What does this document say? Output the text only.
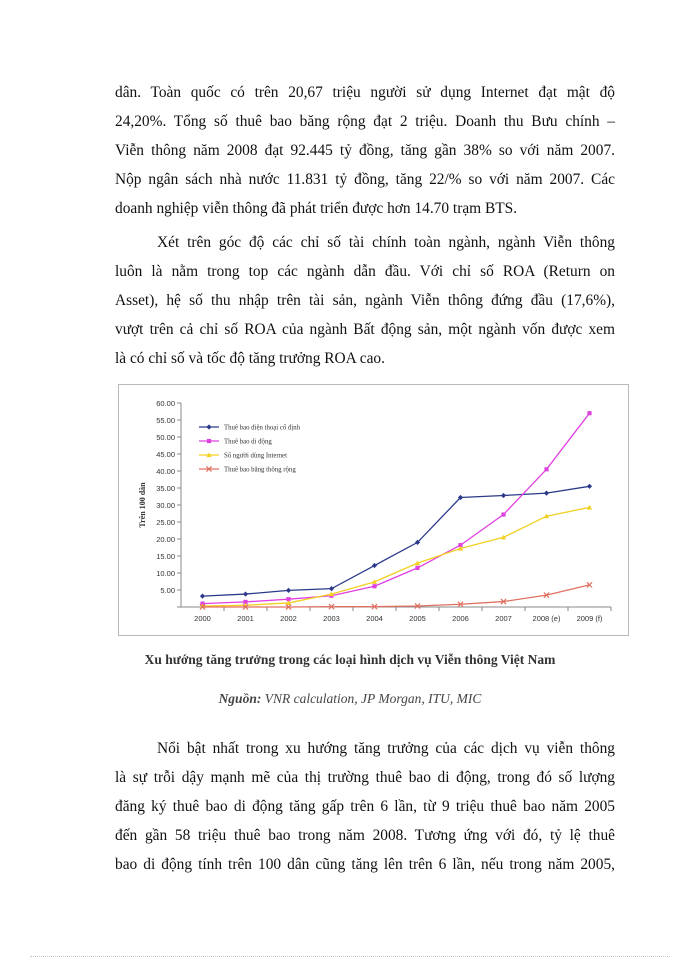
dân. Toàn quốc có trên 20,67 triệu người sử dụng Internet đạt mật độ
24,20%. Tổng số thuê bao băng rộng đạt 2 triệu. Doanh thu Bưu chính –
Viễn thông năm 2008 đạt 92.445 tỷ đồng, tăng gần 38% so với năm 2007.
Nộp ngân sách nhà nước 11.831 tỷ đồng, tăng 22/% so với năm 2007. Các
doanh nghiệp viễn thông đã phát triển được hơn 14.70 trạm BTS.
Xét trên góc độ các chỉ số tài chính toàn ngành, ngành Viễn thông
luôn là nằm trong top các ngành dẫn đầu. Với chỉ số ROA (Return on
Asset), hệ số thu nhập trên tài sản, ngành Viễn thông đứng đầu (17,6%),
vượt trên cả chỉ số ROA của ngành Bất động sản, một ngành vốn được xem
là có chỉ số và tốc độ tăng trưởng ROA cao.
5.00
10.00
15.00
20.00
25.00
30.00
35.00
40.00
45.00
50.00
55.00
60.00
2000	2001	2002	2003	2004	2005	2006	2007	2008 (e) 2009 (f)
Trên 100 dân
Thuê bao điện thoại cố định
Thuê bao di động
Số người dùng Internet
Thuê bao băng thông rộng
Xu hướng tăng trưởng trong các loại hình dịch vụ Viễn thông Việt Nam
Nguồn: VNR calculation, JP Morgan, ITU, MIC
Nổi bật nhất trong xu hướng tăng trưởng của các dịch vụ viễn thông
là sự trỗi dậy mạnh mẽ của thị trường thuê bao di động, trong đó số lượng
đăng ký thuê bao di động tăng gấp trên 6 lần, từ 9 triệu thuê bao năm 2005
đến gần 58 triệu thuê bao trong năm 2008. Tương ứng với đó, tỷ lệ thuê
bao di động tính trên 100 dân cũng tăng lên trên 6 lần, nếu trong năm 2005,
